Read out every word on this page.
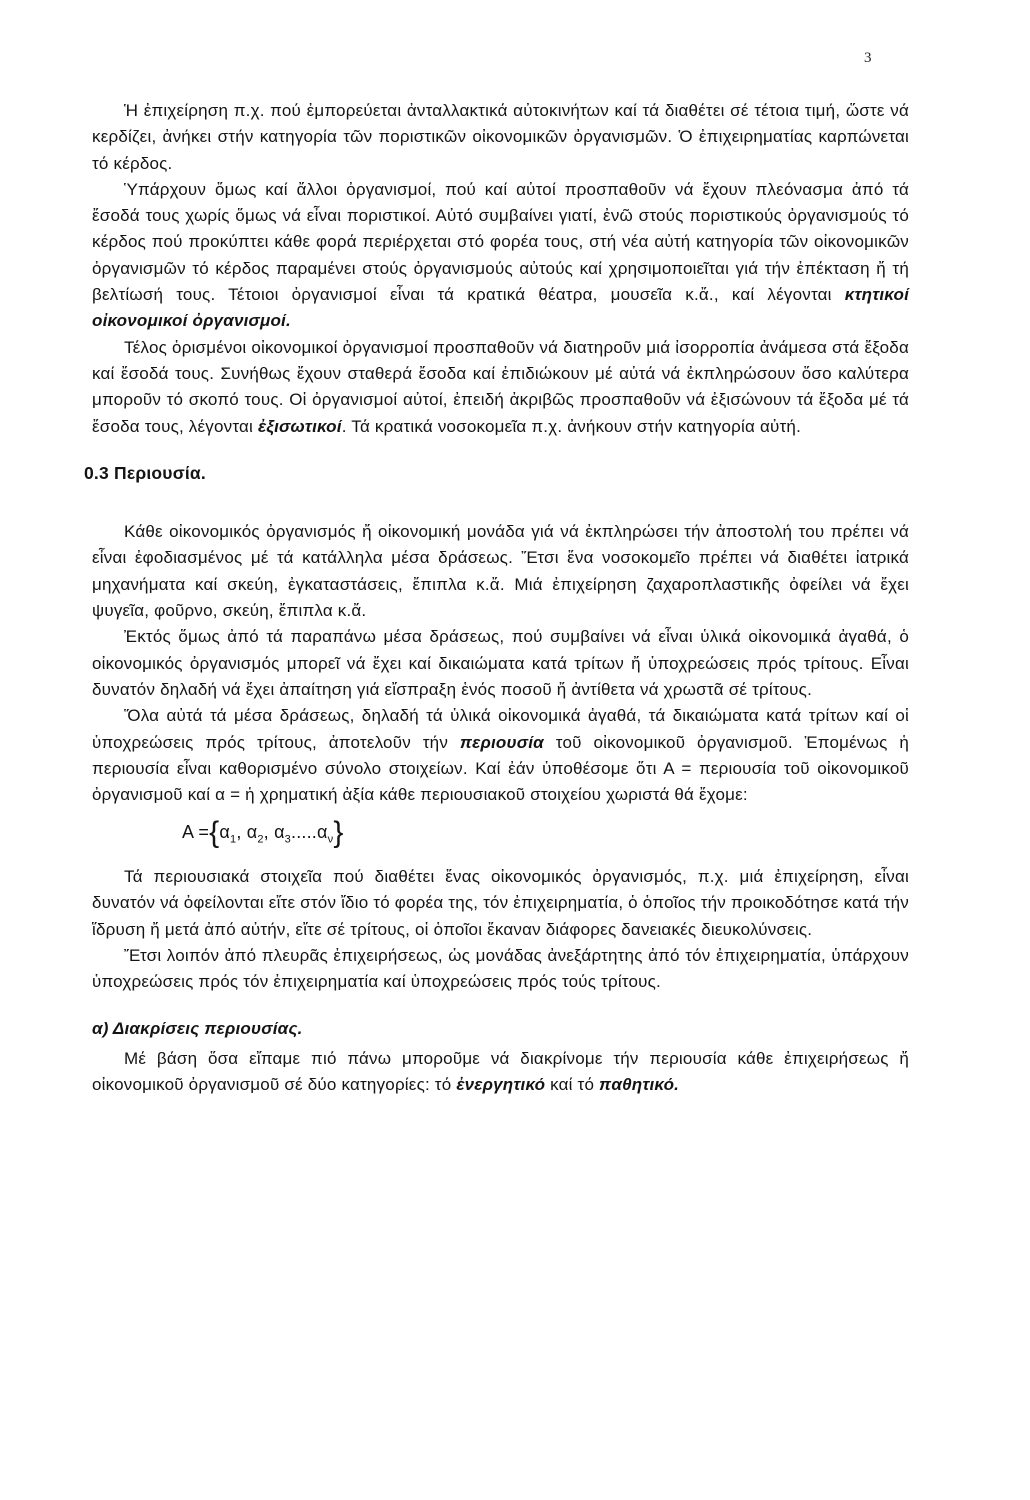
3

Ἡ ἐπιχείρηση π.χ. πού ἐμπορεύεται ἀνταλλακτικά αὐτοκινήτων καί τά διαθέτει σέ τέτοια τιμή, ὥστε νά κερδίζει, ἀνήκει στήν κατηγορία τῶν ποριστικῶν οἰκονομικῶν ὀργανισμῶν. Ὁ ἐπιχειρηματίας καρπώνεται τό κέρδος.

Ὑπάρχουν ὅμως καί ἄλλοι ὀργανισμοί, πού καί αὐτοί προσπαθοῦν νά ἔχουν πλεόνασμα ἀπό τά ἔσοδά τους χωρίς ὅμως νά εἶναι ποριστικοί. Αὐτό συμβαίνει γιατί, ἐνῶ στούς ποριστικούς ὀργανισμούς τό κέρδος πού προκύπτει κάθε φορά περιέρχεται στό φορέα τους, στή νέα αὐτή κατηγορία τῶν οἰκονομικῶν ὀργανισμῶν τό κέρδος παραμένει στούς ὀργανισμούς αὐτούς καί χρησιμοποιεῖται γιά τήν ἐπέκταση ἤ τή βελτίωσή τους. Τέτοιοι ὀργανισμοί εἶναι τά κρατικά θέατρα, μουσεῖα κ.ἄ., καί λέγονται κτητικοί οἰκονομικοί ὀργανισμοί.

Τέλος ὁρισμένοι οἰκονομικοί ὀργανισμοί προσπαθοῦν νά διατηροῦν μιά ἰσορροπία ἀνάμεσα στά ἔξοδα καί ἔσοδά τους. Συνήθως ἔχουν σταθερά ἔσοδα καί ἐπιδιώκουν μέ αὐτά νά ἐκπληρώσουν ὅσο καλύτερα μποροῦν τό σκοπό τους. Οἱ ὀργανισμοί αὐτοί, ἐπειδή ἀκριβῶς προσπαθοῦν νά ἐξισώνουν τά ἔξοδα μέ τά ἔσοδα τους, λέγονται ἐξισωτικοί. Τά κρατικά νοσοκομεῖα π.χ. ἀνήκουν στήν κατηγορία αὐτή.

0.3 Περιουσία.

Κάθε οἰκονομικός ὀργανισμός ἤ οἰκονομική μονάδα γιά νά ἐκπληρώσει τήν ἀποστολή του πρέπει νά εἶναι ἐφοδιασμένος μέ τά κατάλληλα μέσα δράσεως. Ἔτσι ἕνα νοσοκομεῖο πρέπει νά διαθέτει ἰατρικά μηχανήματα καί σκεύη, ἐγκαταστάσεις, ἔπιπλα κ.ἄ. Μιά ἐπιχείρηση ζαχαροπλαστικῆς ὀφείλει νά ἔχει ψυγεῖα, φοῦρνο, σκεύη, ἔπιπλα κ.ἄ.

Ἐκτός ὅμως ἀπό τά παραπάνω μέσα δράσεως, πού συμβαίνει νά εἶναι ὑλικά οἰκονομικά ἀγαθά, ὁ οἰκονομικός ὀργανισμός μπορεῖ νά ἔχει καί δικαιώματα κατά τρίτων ἤ ὑποχρεώσεις πρός τρίτους. Εἶναι δυνατόν δηλαδή νά ἔχει ἀπαίτηση γιά εἴσπραξη ἑνός ποσοῦ ἤ ἀντίθετα νά χρωστᾶ σέ τρίτους.

Ὅλα αὐτά τά μέσα δράσεως, δηλαδή τά ὑλικά οἰκονομικά ἀγαθά, τά δικαιώματα κατά τρίτων καί οἱ ὑποχρεώσεις πρός τρίτους, ἀποτελοῦν τήν περιουσία τοῦ οἰκονομικοῦ ὀργανισμοῦ. Ἑπομένως ἡ περιουσία εἶναι καθορισμένο σύνολο στοιχείων. Καί ἐάν ὑποθέσομε ὅτι Α = περιουσία τοῦ οἰκονομικοῦ ὀργανισμοῦ καί α = ἡ χρηματική ἀξία κάθε περιουσιακοῦ στοιχείου χωριστά θά ἔχομε:

$A =\{\alpha_1$, $\alpha_2$, $\alpha_3.....\alpha_\nu$}

Τά περιουσιακά στοιχεῖα πού διαθέτει ἕνας οἰκονομικός ὀργανισμός, π.χ. μιά ἐπιχείρηση, εἶναι δυνατόν νά ὀφείλονται εἴτε στόν ἴδιο τό φορέα της, τόν ἐπιχειρηματία, ὁ ὁποῖος τήν προικοδότησε κατά τήν ἵδρυση ἤ μετά ἀπό αὐτήν, εἴτε σέ τρίτους, οἱ ὁποῖοι ἔκαναν διάφορες δανειακές διευκολύνσεις.

Ἔτσι λοιπόν ἀπό πλευρᾶς ἐπιχειρήσεως, ὡς μονάδας ἀνεξάρτητης ἀπό τόν ἐπιχειρηματία, ὑπάρχουν ὑποχρεώσεις πρός τόν ἐπιχειρηματία καί ὑποχρεώσεις πρός τούς τρίτους.

α) Διακρίσεις περιουσίας.

Μέ βάση ὅσα εἴπαμε πιό πάνω μποροῦμε νά διακρίνομε τήν περιουσία κάθε ἐπιχειρήσεως ἤ οἰκονομικοῦ ὀργανισμοῦ σέ δύο κατηγορίες: τό ἐνεργητικό καί τό παθητικό.
